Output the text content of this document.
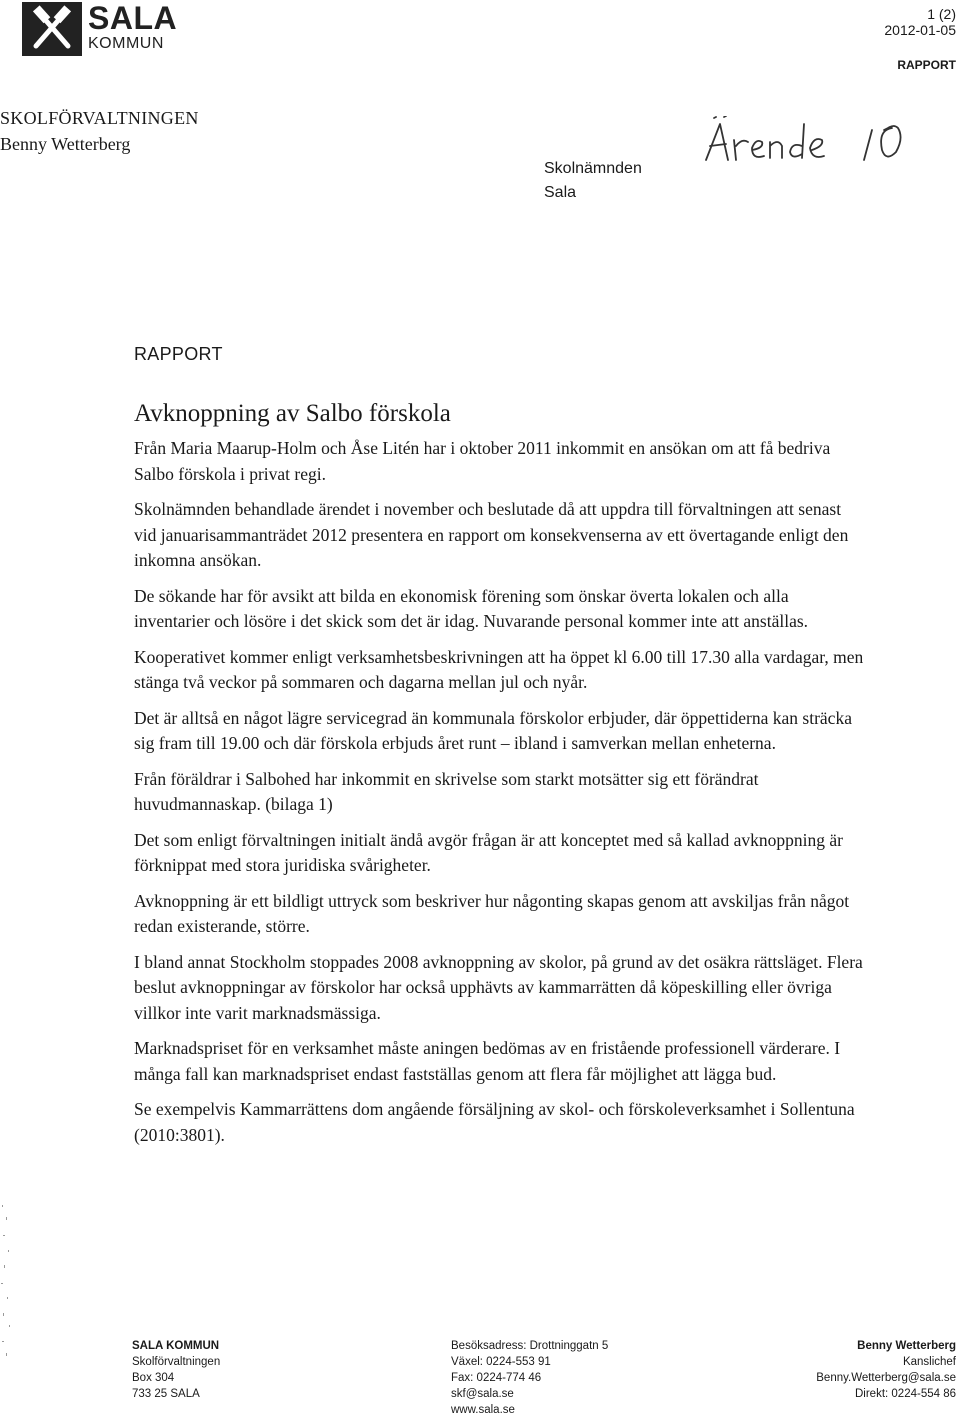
SALA
KOMMUN
1 (2)
2012-01-05
RAPPORT
SKOLFÖRVALTNINGEN
Benny Wetterberg
Skolnämnden
Sala
RAPPORT
Avknoppning av Salbo förskola

Från Maria Maarup-Holm och Åse Litén har i oktober 2011 inkommit en ansökan om att få bedriva Salbo förskola i privat regi.

Skolnämnden behandlade ärendet i november och beslutade då att uppdra till förvaltningen att senast vid januarisammanträdet 2012 presentera en rapport om konsekvenserna av ett övertagande enligt den inkomna ansökan.

De sökande har för avsikt att bilda en ekonomisk förening som önskar överta lokalen och alla inventarier och lösöre i det skick som det är idag. Nuvarande personal kommer inte att anställas.

Kooperativet kommer enligt verksamhetsbeskrivningen att ha öppet kl 6.00 till 17.30 alla vardagar, men stänga två veckor på sommaren och dagarna mellan jul och nyår.

Det är alltså en något lägre servicegrad än kommunala förskolor erbjuder, där öppettiderna kan sträcka sig fram till 19.00 och där förskola erbjuds året runt – ibland i samverkan mellan enheterna.

Från föräldrar i Salbohed har inkommit en skrivelse som starkt motsätter sig ett förändrat huvudmannaskap. (bilaga 1)

Det som enligt förvaltningen initialt ändå avgör frågan är att konceptet med så kallad avknoppning är förknippat med stora juridiska svårigheter.

Avknoppning är ett bildligt uttryck som beskriver hur någonting skapas genom att avskiljas från något redan existerande, större.

I bland annat Stockholm stoppades 2008 avknoppning av skolor, på grund av det osäkra rättsläget. Flera beslut avknoppningar av förskolor har också upphävts av kammarrätten då köpeskilling eller övriga villkor inte varit marknadsmässiga.

Marknadspriset för en verksamhet måste aningen bedömas av en fristående professionell värderare. I många fall kan marknadspriset endast fastställas genom att flera får möjlighet att lägga bud.

Se exempelvis Kammarrättens dom angående försäljning av skol- och förskoleverksamhet i Sollentuna (2010:3801).

SALA KOMMUN
Skolförvaltningen
Box 304
733 25 SALA
Besöksadress: Drottninggatn 5
Växel: 0224-553 91
Fax: 0224-774 46
skf@sala.se
www.sala.se
Benny Wetterberg
Kanslichef
Benny.Wetterberg@sala.se
Direkt: 0224-554 86
